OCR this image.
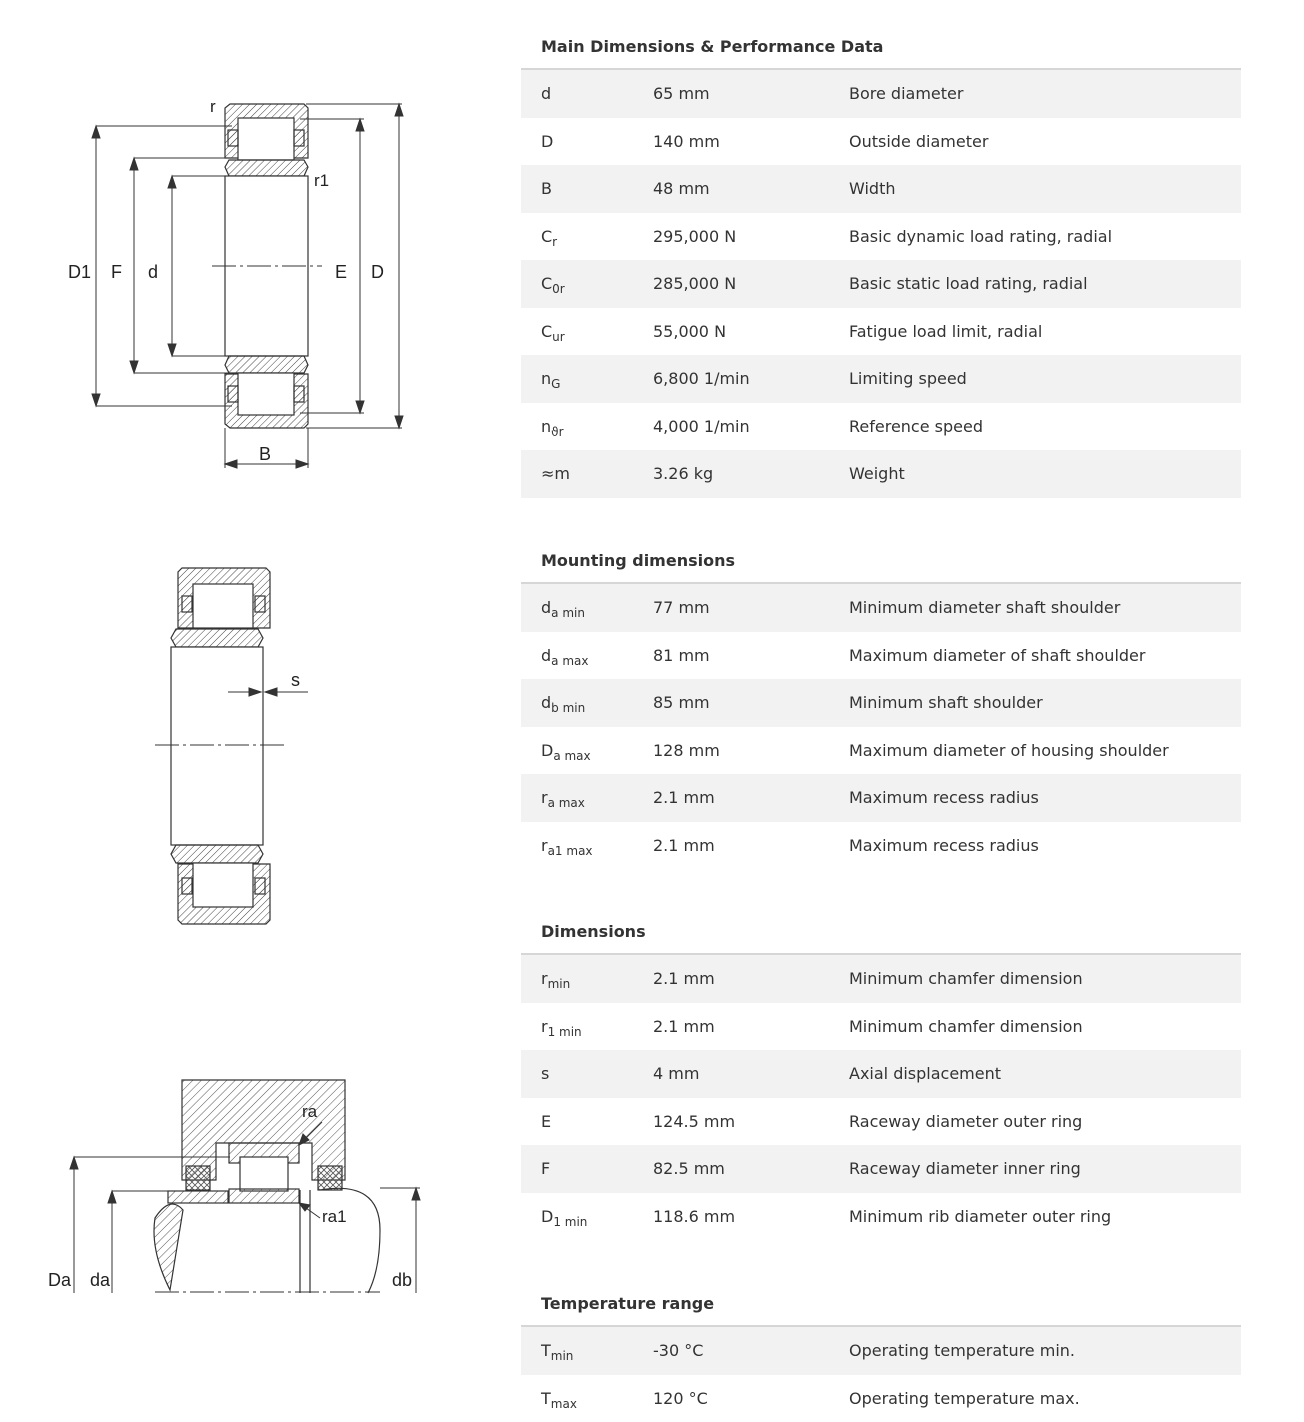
r
r1
D1 F d	E D
B
s
ra
ra1
Da da	db
Main Dimensions & Performance Data
d	65 mm	Bore diameter
D	140 mm	Outside diameter
B	48 mm	Width
$C_r$	295,000 N	Basic dynamic load rating, radial
$C_{0r}$	285,000 N	Basic static load rating, radial
$C_{ur}$	55,000 N	Fatigue load limit, radial
$n_G$	6,800 1/min	Limiting speed
$n_{ϑr}$	4,000 1/min	Reference speed
≈m	3.26 kg	Weight
Mounting dimensions
$d_{a min}$	77 mm	Minimum diameter shaft shoulder
$d_{a max}$	81 mm	Maximum diameter of shaft shoulder
$d_{b min}$	85 mm	Minimum shaft shoulder
$D_{a max}$	128 mm	Maximum diameter of housing shoulder
$r_{a max}$	2.1 mm	Maximum recess radius
$r_{a1 max}$	2.1 mm	Maximum recess radius
Dimensions
$r_{min}$	2.1 mm	Minimum chamfer dimension
$r_{1 min}$	2.1 mm	Minimum chamfer dimension
s	4 mm	Axial displacement
E	124.5 mm	Raceway diameter outer ring
F	82.5 mm	Raceway diameter inner ring
$D_{1 min}$	118.6 mm	Minimum rib diameter outer ring
Temperature range
$T_{min}$	-30 °C	Operating temperature min.
$T_{max}$	120 °C	Operating temperature max.
